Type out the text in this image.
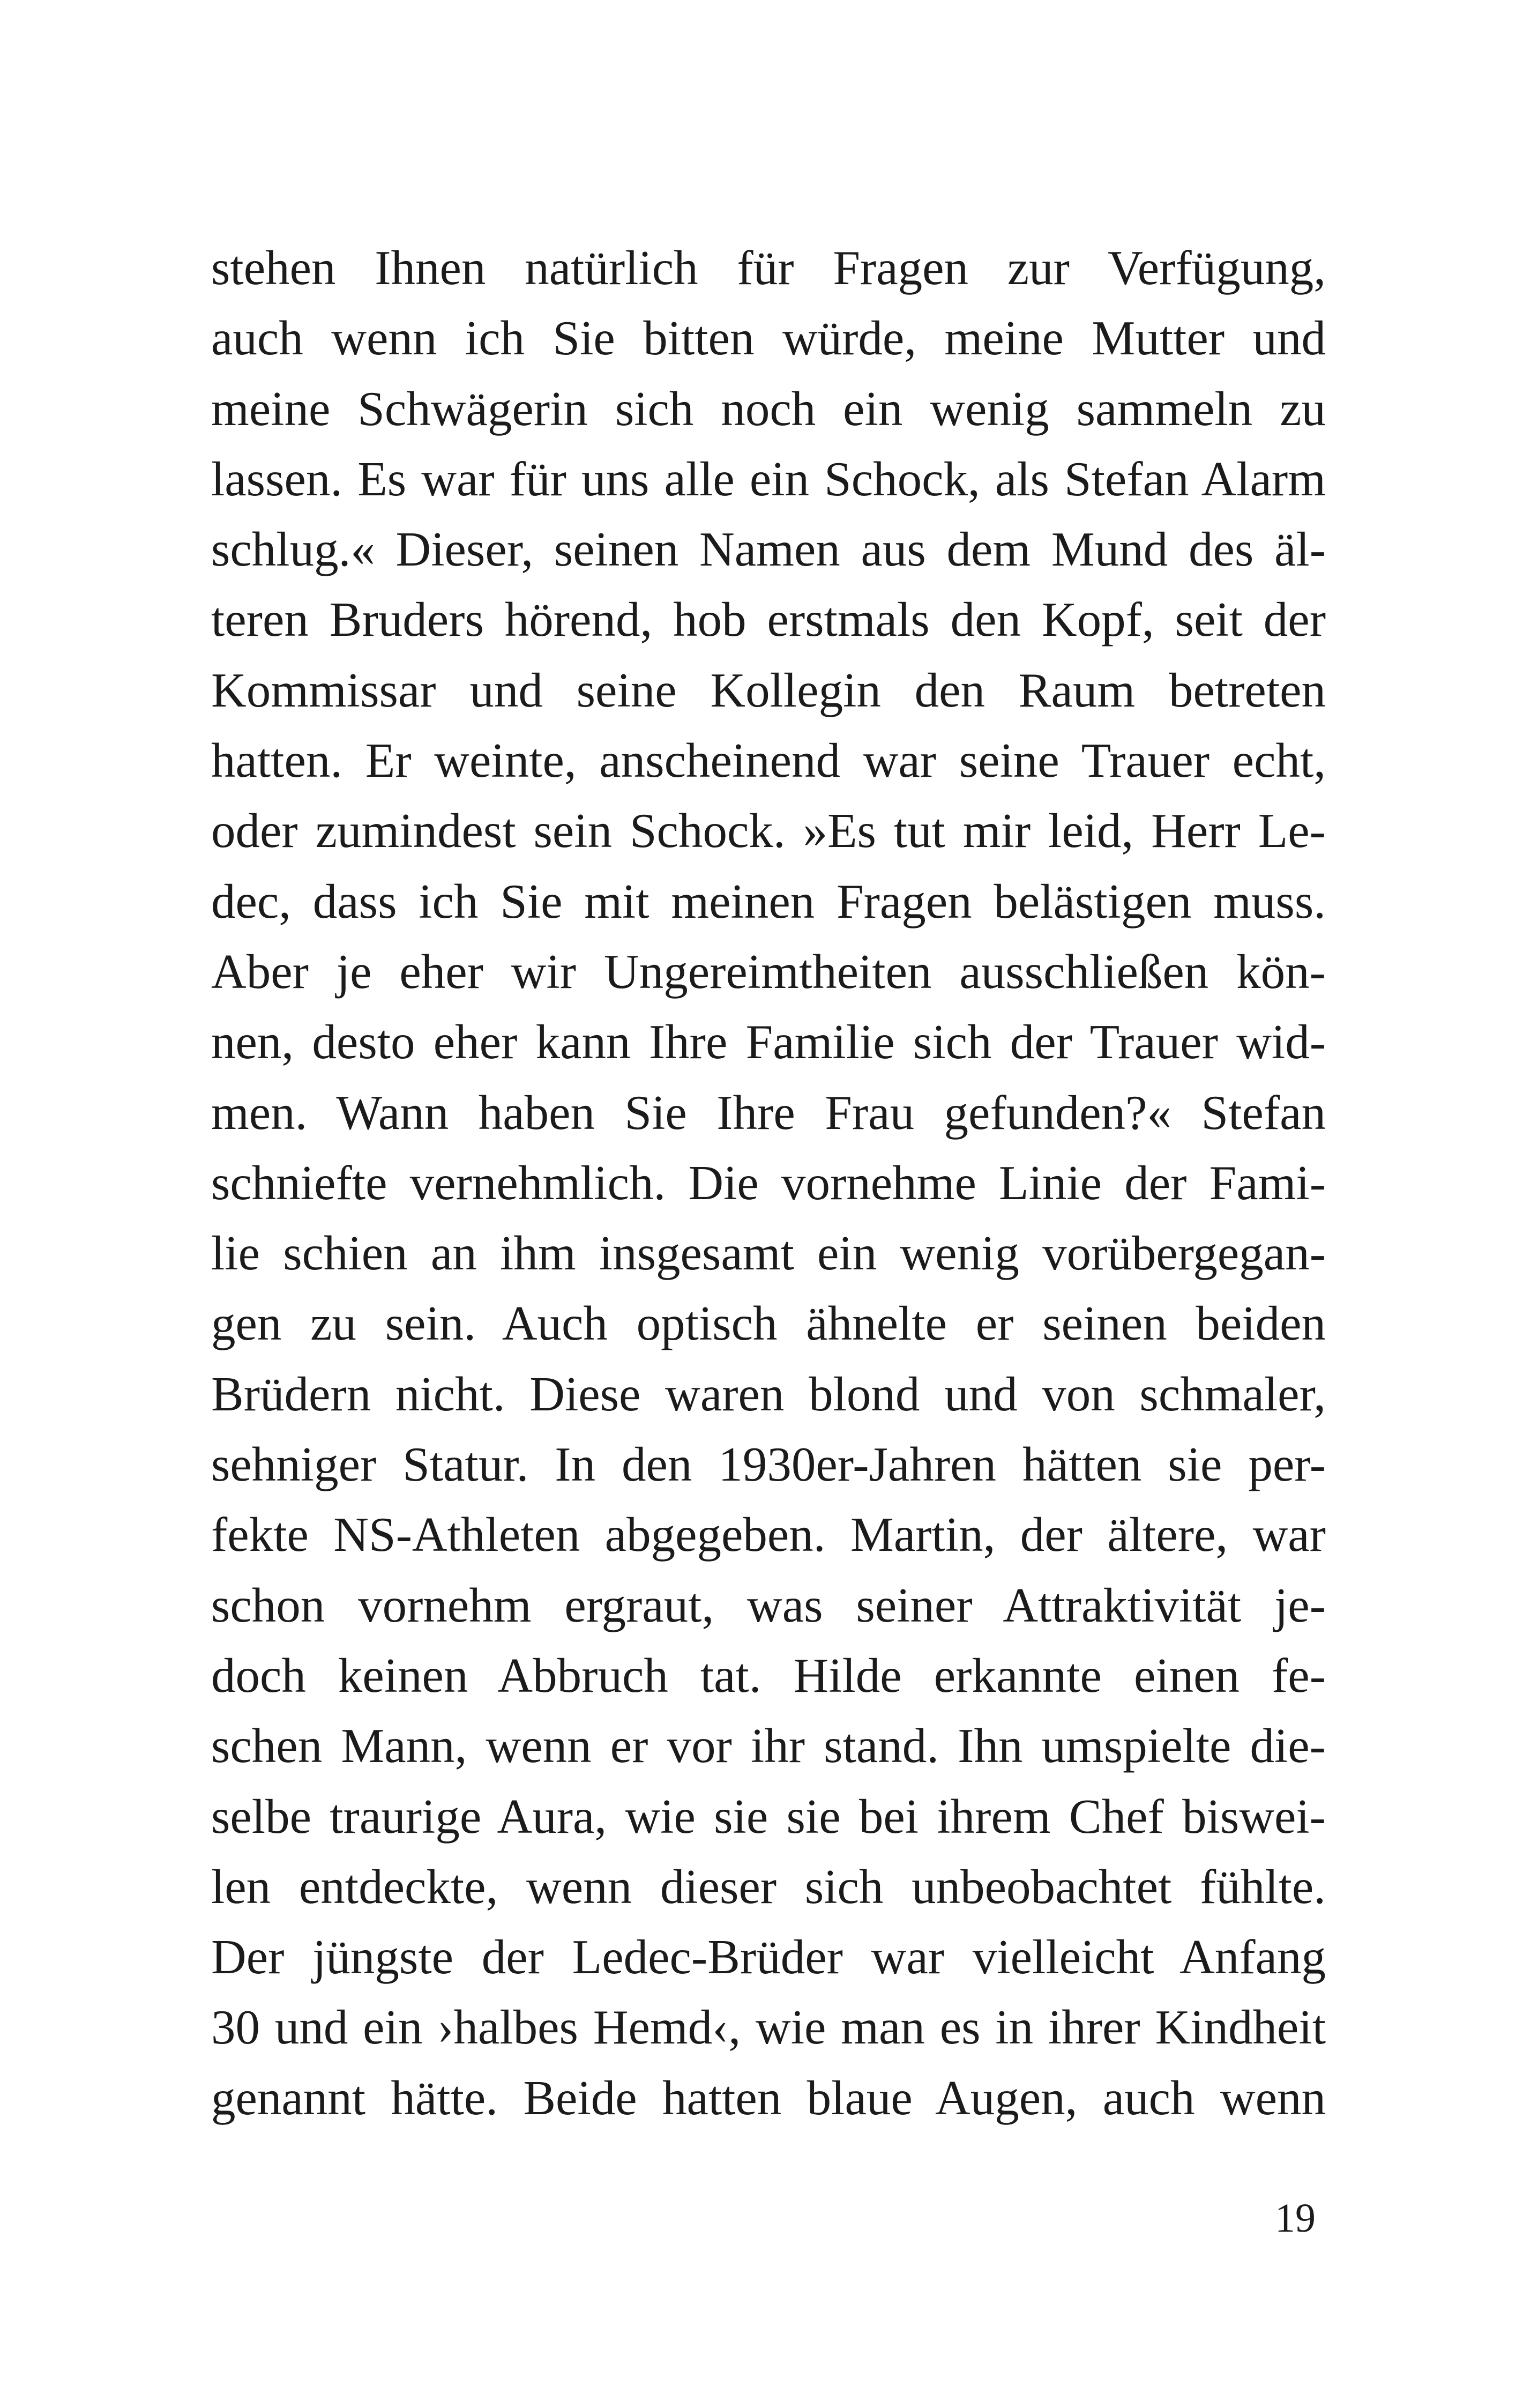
stehen Ihnen natürlich für Fragen zur Verfügung,
auch wenn ich Sie bitten würde, meine Mutter und
meine Schwägerin sich noch ein wenig sammeln zu
lassen. Es war für uns alle ein Schock, als Stefan Alarm
schlug.« Dieser, seinen Namen aus dem Mund des äl-
teren Bruders hörend, hob erstmals den Kopf, seit der
Kommissar und seine Kollegin den Raum betreten
hatten. Er weinte, anscheinend war seine Trauer echt,
oder zumindest sein Schock. »Es tut mir leid, Herr Le-
dec, dass ich Sie mit meinen Fragen belästigen muss.
Aber je eher wir Ungereimtheiten ausschließen kön-
nen, desto eher kann Ihre Familie sich der Trauer wid-
men. Wann haben Sie Ihre Frau gefunden?« Stefan
schniefte vernehmlich. Die vornehme Linie der Fami-
lie schien an ihm insgesamt ein wenig vorübergegan-
gen zu sein. Auch optisch ähnelte er seinen beiden
Brüdern nicht. Diese waren blond und von schmaler,
sehniger Statur. In den 1930er-Jahren hätten sie per-
fekte NS-Athleten abgegeben. Martin, der ältere, war
schon vornehm ergraut, was seiner Attraktivität je-
doch keinen Abbruch tat. Hilde erkannte einen fe-
schen Mann, wenn er vor ihr stand. Ihn umspielte die-
selbe traurige Aura, wie sie sie bei ihrem Chef biswei-
len entdeckte, wenn dieser sich unbeobachtet fühlte.
Der jüngste der Ledec-Brüder war vielleicht Anfang
30 und ein ›halbes Hemd‹, wie man es in ihrer Kindheit
genannt hätte. Beide hatten blaue Augen, auch wenn
19
